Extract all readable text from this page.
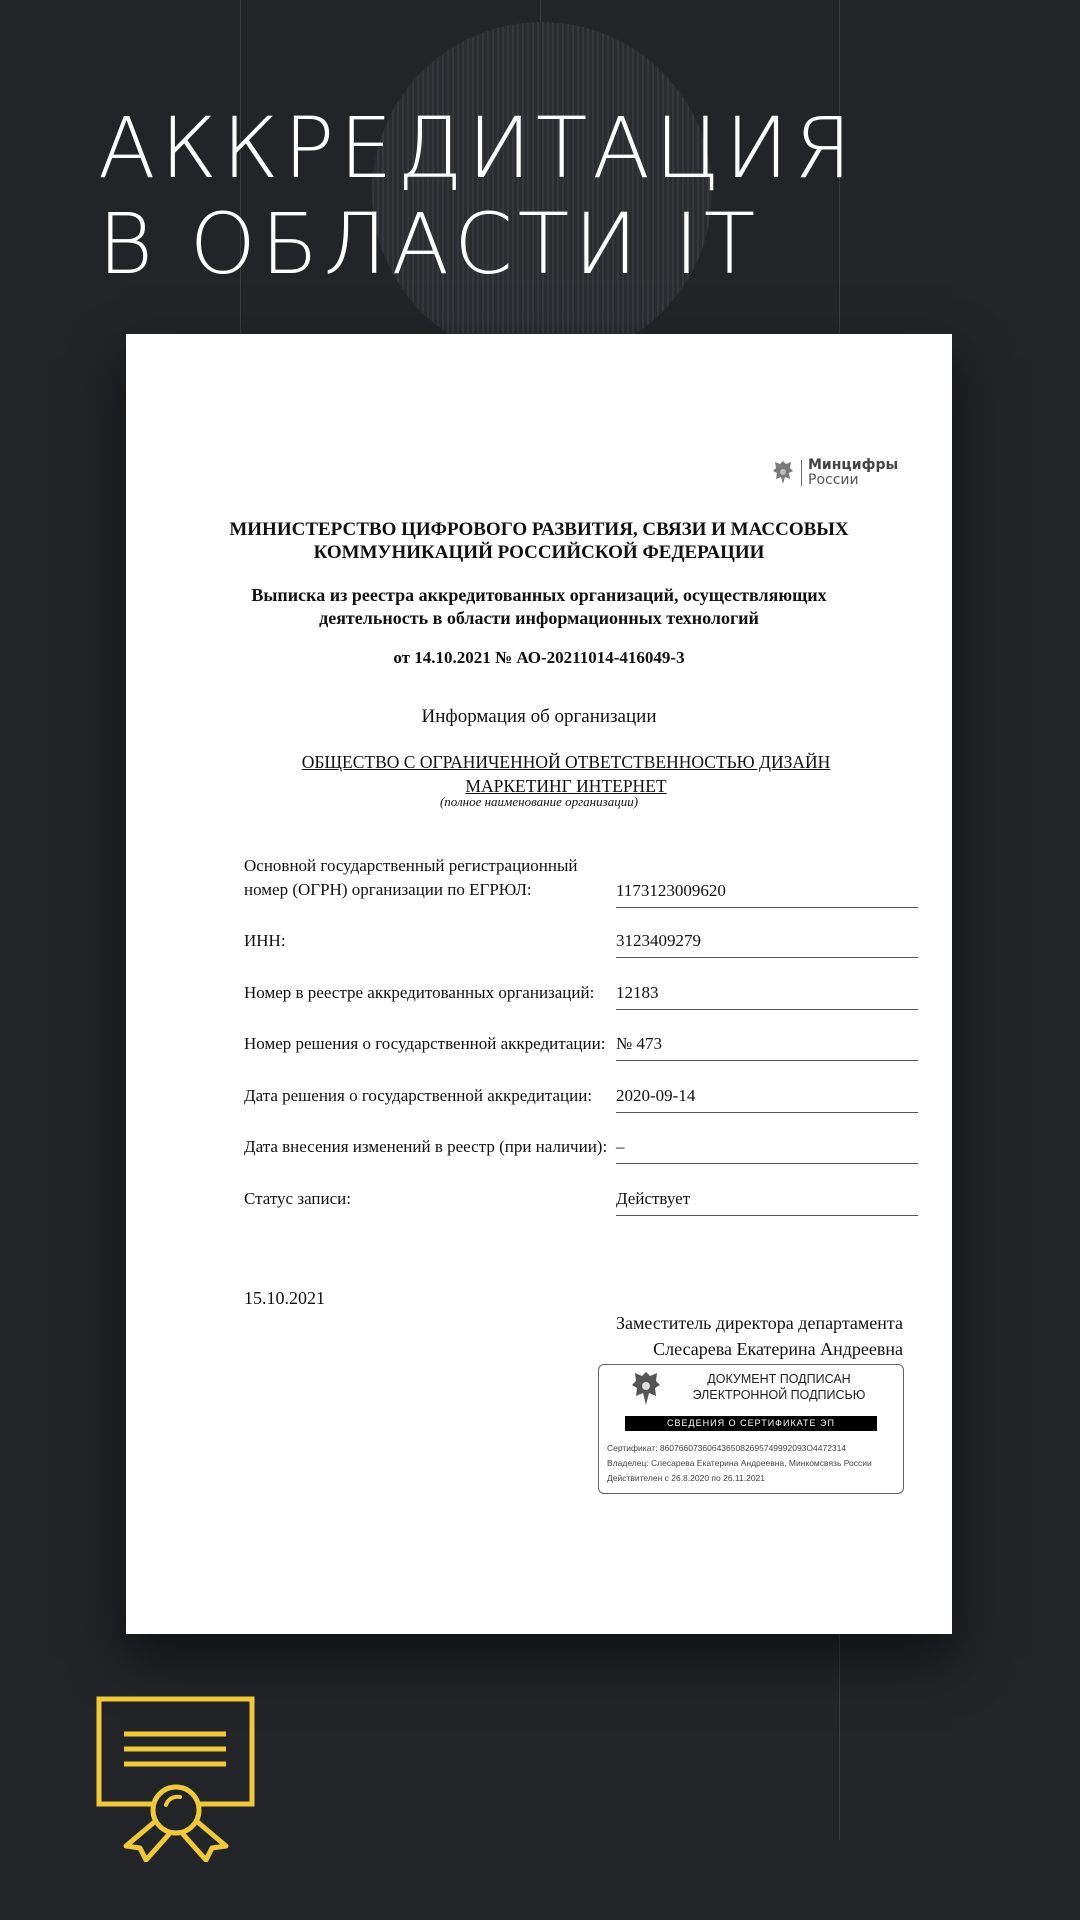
АККРЕДИТАЦИЯ
В ОБЛАСТИ IT
Минцифры
России
МИНИСТЕРСТВО ЦИФРОВОГО РАЗВИТИЯ, СВЯЗИ И МАССОВЫХ
КОММУНИКАЦИЙ РОССИЙСКОЙ ФЕДЕРАЦИИ
Выписка из реестра аккредитованных организаций, осуществляющих
деятельность в области информационных технологий
от 14.10.2021 № АО-20211014-416049-3
Информация об организации
ОБЩЕСТВО С ОГРАНИЧЕННОЙ ОТВЕТСТВЕННОСТЬЮ ДИЗАЙН МАРКЕТИНГ ИНТЕРНЕТ
(полное наименование организации)
Основной государственный регистрационный номер (ОГРН) организации по ЕГРЮЛ:	1173123009620
ИНН:	3123409279
Номер в реестре аккредитованных организаций:	12183
Номер решения о государственной аккредитации: № 473
Дата решения о государственной аккредитации:	2020-09-14
Дата внесения изменений в реестр (при наличии): –
Статус записи:	Действует
15.10.2021
Заместитель директора департамента
Слесарева Екатерина Андреевна
ДОКУМЕНТ ПОДПИСАН
ЭЛЕКТРОННОЙ ПОДПИСЬЮ
СВЕДЕНИЯ О СЕРТИФИКАТЕ ЭП
Сертификат: 8607660736064365082695749992093O4472314
Владелец: Слесарева Екатерина Андреевна, Минкомсвязь России
Действителен с 26.8.2020 по 26.11.2021
